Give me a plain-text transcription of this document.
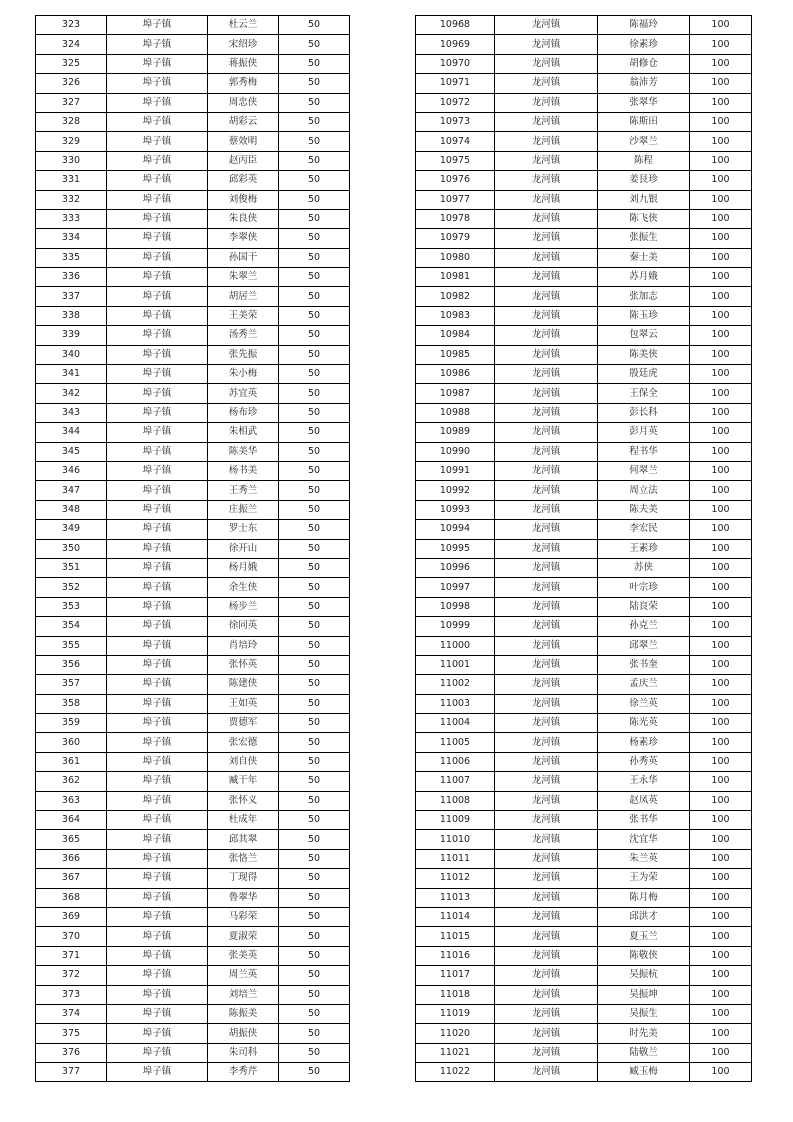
323	埠子镇	杜云兰	50
324	埠子镇	宋绍珍	50
325	埠子镇	蒋振侠	50
326	埠子镇	郭秀梅	50
327	埠子镇	周忠侠	50
328	埠子镇	胡彩云	50
329	埠子镇	蔡效明	50
330	埠子镇	赵丙臣	50
331	埠子镇	邱彩英	50
332	埠子镇	刘俊梅	50
333	埠子镇	朱良侠	50
334	埠子镇	李翠侠	50
335	埠子镇	孙国干	50
336	埠子镇	朱翠兰	50
337	埠子镇	胡居兰	50
338	埠子镇	王美荣	50
339	埠子镇	汤秀兰	50
340	埠子镇	张先振	50
341	埠子镇	朱小梅	50
342	埠子镇	苏宜英	50
343	埠子镇	杨布珍	50
344	埠子镇	朱相武	50
345	埠子镇	陈美华	50
346	埠子镇	杨书美	50
347	埠子镇	王秀兰	50
348	埠子镇	庄振兰	50
349	埠子镇	罗士东	50
350	埠子镇	徐开山	50
351	埠子镇	杨月娥	50
352	埠子镇	余生侠	50
353	埠子镇	杨步兰	50
354	埠子镇	徐同英	50
355	埠子镇	肖培玲	50
356	埠子镇	张怀英	50
357	埠子镇	陈建侠	50
358	埠子镇	王如英	50
359	埠子镇	贾德军	50
360	埠子镇	张宏德	50
361	埠子镇	刘自侠	50
362	埠子镇	臧干年	50
363	埠子镇	张怀义	50
364	埠子镇	杜成年	50
365	埠子镇	邱其翠	50
366	埠子镇	张恪兰	50
367	埠子镇	丁现得	50
368	埠子镇	鲁翠华	50
369	埠子镇	马彩荣	50
370	埠子镇	夏淑荣	50
371	埠子镇	张美英	50
372	埠子镇	周兰英	50
373	埠子镇	刘培兰	50
374	埠子镇	陈振美	50
375	埠子镇	胡振侠	50
376	埠子镇	朱司科	50
377	埠子镇	李秀芹	50
10968	龙河镇	陈福玲	100
10969	龙河镇	徐素珍	100
10970	龙河镇	胡修仓	100
10971	龙河镇	翁沛芳	100
10972	龙河镇	张翠华	100
10973	龙河镇	陈斯田	100
10974	龙河镇	沙翠兰	100
10975	龙河镇	陈程	100
10976	龙河镇	姜艮珍	100
10977	龙河镇	刘九银	100
10978	龙河镇	陈飞侠	100
10979	龙河镇	张振生	100
10980	龙河镇	秦士美	100
10981	龙河镇	苏月娥	100
10982	龙河镇	张加志	100
10983	龙河镇	陈玉珍	100
10984	龙河镇	包翠云	100
10985	龙河镇	陈美侠	100
10986	龙河镇	殷廷虎	100
10987	龙河镇	王保全	100
10988	龙河镇	彭长科	100
10989	龙河镇	彭月英	100
10990	龙河镇	程书华	100
10991	龙河镇	何翠兰	100
10992	龙河镇	周立法	100
10993	龙河镇	陈夫美	100
10994	龙河镇	李宏民	100
10995	龙河镇	王素珍	100
10996	龙河镇	苏侠	100
10997	龙河镇	叶宗珍	100
10998	龙河镇	陆良荣	100
10999	龙河镇	孙克兰	100
11000	龙河镇	邱翠兰	100
11001	龙河镇	张书奎	100
11002	龙河镇	孟庆兰	100
11003	龙河镇	徐兰英	100
11004	龙河镇	陈光英	100
11005	龙河镇	杨素珍	100
11006	龙河镇	孙秀英	100
11007	龙河镇	王永华	100
11008	龙河镇	赵凤英	100
11009	龙河镇	张书华	100
11010	龙河镇	沈宜华	100
11011	龙河镇	朱兰英	100
11012	龙河镇	王为荣	100
11013	龙河镇	陈月梅	100
11014	龙河镇	邱洪才	100
11015	龙河镇	夏玉兰	100
11016	龙河镇	陈敬侠	100
11017	龙河镇	吴振杭	100
11018	龙河镇	吴振坤	100
11019	龙河镇	吴振生	100
11020	龙河镇	时先美	100
11021	龙河镇	陆敬兰	100
11022	龙河镇	臧玉梅	100
